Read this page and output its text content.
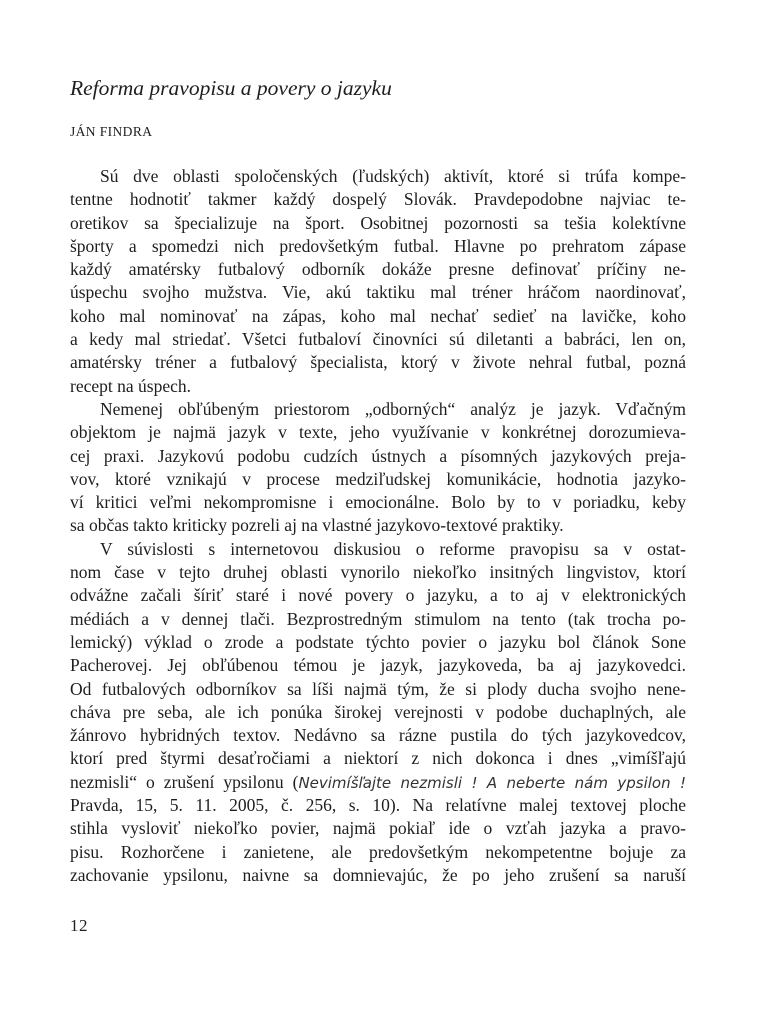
Reforma pravopisu a povery o jazyku

JÁN FINDRA

Sú dve oblasti spoločenských (ľudských) aktivít, ktoré si trúfa kompe-
tentne hodnotiť takmer každý dospelý Slovák. Pravdepodobne najviac te-
oretikov sa špecializuje na šport. Osobitnej pozornosti sa tešia kolektívne
športy a spomedzi nich predovšetkým futbal. Hlavne po prehratom zápase
každý amatérsky futbalový odborník dokáže presne definovať príčiny ne-
úspechu svojho mužstva. Vie, akú taktiku mal tréner hráčom naordinovať,
koho mal nominovať na zápas, koho mal nechať sedieť na lavičke, koho
a kedy mal striedať. Všetci futbaloví činovníci sú diletanti a babráci, len on,
amatérsky tréner a futbalový špecialista, ktorý v živote nehral futbal, pozná
recept na úspech.
Nemenej obľúbeným priestorom „odborných“ analýz je jazyk. Vďačným
objektom je najmä jazyk v texte, jeho využívanie v konkrétnej dorozumieva-
cej praxi. Jazykovú podobu cudzích ústnych a písomných jazykových preja-
vov, ktoré vznikajú v procese medziľudskej komunikácie, hodnotia jazyko-
ví kritici veľmi nekompromisne i emocionálne. Bolo by to v poriadku, keby
sa občas takto kriticky pozreli aj na vlastné jazykovo-textové praktiky.
V súvislosti s internetovou diskusiou o reforme pravopisu sa v ostat-
nom čase v tejto druhej oblasti vynorilo niekoľko insitných lingvistov, ktorí
odvážne začali šíriť staré i nové povery o jazyku, a to aj v elektronických
médiách a v dennej tlači. Bezprostredným stimulom na tento (tak trocha po-
lemický) výklad o zrode a podstate týchto povier o jazyku bol článok Sone
Pacherovej. Jej obľúbenou témou je jazyk, jazykoveda, ba aj jazykovedci.
Od futbalových odborníkov sa líši najmä tým, že si plody ducha svojho nene-
cháva pre seba, ale ich ponúka širokej verejnosti v podobe duchaplných, ale
žánrovo hybridných textov. Nedávno sa rázne pustila do tých jazykovedcov,
ktorí pred štyrmi desaťročiami a niektorí z nich dokonca i dnes „vimíšľajú
nezmisli“ o zrušení ypsilonu (Nevimíšľajte nezmisli ! A neberte nám ypsilon !
Pravda, 15, 5. 11. 2005, č. 256, s. 10). Na relatívne malej textovej ploche
stihla vysloviť niekoľko povier, najmä pokiaľ ide o vzťah jazyka a pravo-
pisu. Rozhorčene i zanietene, ale predovšetkým nekompetentne bojuje za
zachovanie ypsilonu, naivne sa domnievajúc, že po jeho zrušení sa naruší

12
